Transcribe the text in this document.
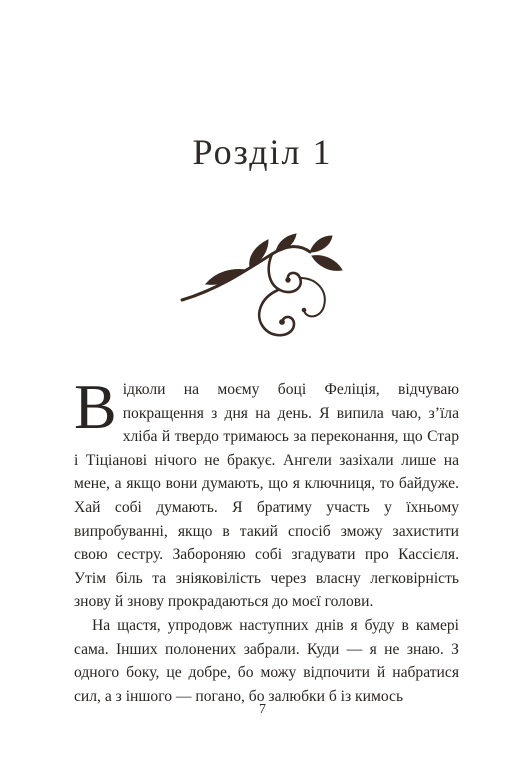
Розділ 1

Відколи на моєму боці Феліція, відчуваю покращення з дня на день. Я випила чаю, з’їла хліба й твердо тримаюсь за переконання, що Стар і Тіціанові нічого не бракує. Ангели зазіхали лише на мене, а якщо вони думають, що я ключниця, то байдуже. Хай собі думають. Я братиму участь у їхньому випробуванні, якщо в такий спосіб зможу захистити свою сестру. Забороняю собі згадувати про Кассієля. Утім біль та зніяковілість через власну легковірність знову й знову прокрадаються до моєї голови.

На щастя, упродовж наступних днів я буду в камері сама. Інших полонених забрали. Куди — я не знаю. З одного боку, це добре, бо можу відпочити й набратися сил, а з іншого — погано, бо залюбки б із кимось

7
